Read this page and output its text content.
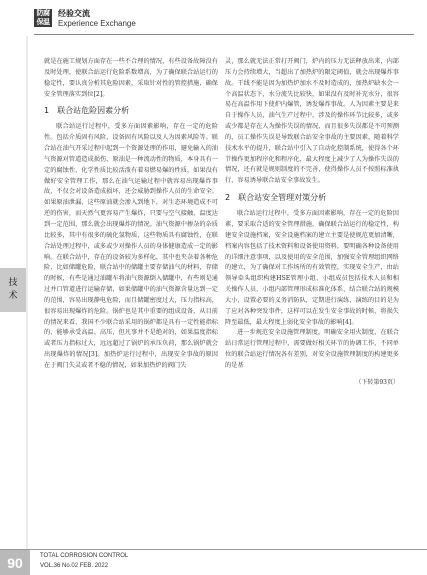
防腐 保温
经验交流
Experience Exchange
技
术

就是在施工规划方面存在一些不合理的情况，有些设备故障没有及时处理，使联合站运行危险系数增高，为了确保联合站运行的稳定性，要认真分析其危险因素，采取针对性的管控措施，确保安全管理落实到位[2]。

1　联合站危险因素分析

联合站运行过程中，受多方面因素影响，存在一定的危险性。包括介质固有风险、设备固有风险以及人为因素风险等。联合站在油气开采过程中起到一个资源处理的作用，避免输入的油气资源对管道造成损伤，原油是一种流动性的物质，本身具有一定的腐蚀性，化学性质比较活泼有着易燃易爆的性质，如果没有做好安全管理工作，那么在油气运输过程中就容易出现爆炸事故，不仅会对设备造成损坏，还会威胁到操作人员的生命安全。如果原油泄漏，这些原油就会渗入到地下，对生态环境造成不可逆的伤害，而天然气更容易产生爆炸，只要与空气接触，温度达到一定范围，那么就会出现爆炸的情况。油气资源中掺杂的杂质比较多，其中有很多的硫化氢物质，这些物质具有腐蚀性，在联合站处理过程中，或多或少对操作人员的身体健康造成一定的影响。在联合站中，存在的设备较为多样化，其中也夹杂着各种危险，比如储罐危险，联合站中的储罐主要存储油气的材料，存储的时候，有些是通过油罐车将油气资源倒入储罐中，有些则是通过并口管道进行运输存储，如果储罐中的油气资源含量达到一定的范围，容易出现静电危险，而且储罐密度过大，压力指标高，很容易出现爆炸的危险。锅炉也是其中重要的组成设备，从目前的情况来看，我国不少联合站采用的锅炉都是具有一定性能指标的，能够承受高温、高压，但凡事并不是绝对的，如果温度指标或者压力指标过大，远远超过了锅炉的承压负荷，那么锅炉就会出现爆炸的情况[3]。加热炉运行过程中，出现安全事故的原因在于阀门失灵或者不稳的情况，如果加热炉的阀门失

灵，那么就无法正常打开阀门，炉内的压力无法释放出来，内部压力会持续增大，当超出了加热炉的限定阈值，就会出现爆炸事故。干线不能是因为加热炉加水不及时造成的，加热炉缺水会一个高温状态下，水分流失比较快，如果没有及时补充水分，很容易在高温作用下使炉内爆管，诱发爆炸事故。人为因素主要是来自于操作人员，油气生产过程中，涉及的操作环节比较多，或多或少都是存在人为操作失误的情况，而且很多失误都是不可预测的，员工操作失误是导致联合站安全事故的主要因素，随着科学技术水平的提升，联合站中引入了自动化控制系统，使得各个环节操作更加程序化和程序化，最大程度上减少了人为操作失误的情况，还有就是规则制度的不完善，使得操作人员不按照标准执行，容易诱导联合站安全事故发生。

2　联合站安全管理对策分析

联合站运行过程中，受多方面因素影响，存在一定的危险因素，要采取合适的安全管理措施，确保联合站运行的稳定性，构建安全设施档案，安全设施档案的建立主要是使规范更加清晰，档案内容包括了技术资料和设备使用资料，要明确各种设备使用的详细注意事项，以及使用的安全范围，加强安全管理组织网络的建立，为了确保对工作场所的有效管控，实现安全生产，由站领导牵头组织构建HSE管理小组，小组成员包括技术人员和相关操作人员，小组内部管理形成标准化体系，结合联合站的规模大小，设置必要的义务消防队，定期进行演练，演练的目的是为了应对各种突发事件，这样可以在发生安全事故的时候，将损失降至最低，最大程度上弱化安全事故的影响[4]。

进一步规范安全设施管理制度，明确安全用火制度，在联合站日常运行管理过程中，需要做好相关环节的协调工作，不同单位的联合站运行情况各有差别，对安全设施管理制度的构建更多的是基

（下转第93页）
90	TOTAL CORROSION CONTROL
VOL.36 No.02 FEB. 2022
